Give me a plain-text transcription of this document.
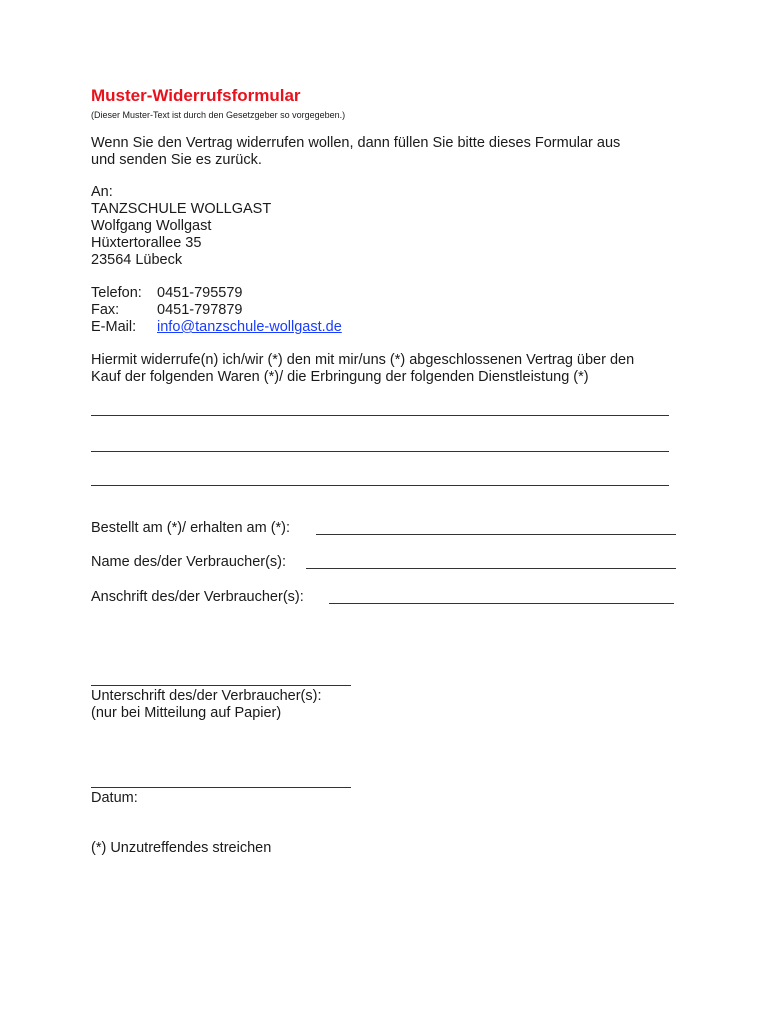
Muster-Widerrufsformular
(Dieser Muster-Text ist durch den Gesetzgeber so vorgegeben.)
Wenn Sie den Vertrag widerrufen wollen, dann füllen Sie bitte dieses Formular aus
und senden Sie es zurück.
An:
TANZSCHULE WOLLGAST
Wolfgang Wollgast
Hüxtertorallee 35
23564 Lübeck
Telefon: 0451-795579
Fax:	0451-797879
E-Mail: info@tanzschule-wollgast.de
Hiermit widerrufe(n) ich/wir (*) den mit mir/uns (*) abgeschlossenen Vertrag über den
Kauf der folgenden Waren (*)/ die Erbringung der folgenden Dienstleistung (*)
Bestellt am (*)/ erhalten am (*):
Name des/der Verbraucher(s):
Anschrift des/der Verbraucher(s):
Unterschrift des/der Verbraucher(s):
(nur bei Mitteilung auf Papier)
Datum:
(*) Unzutreffendes streichen
